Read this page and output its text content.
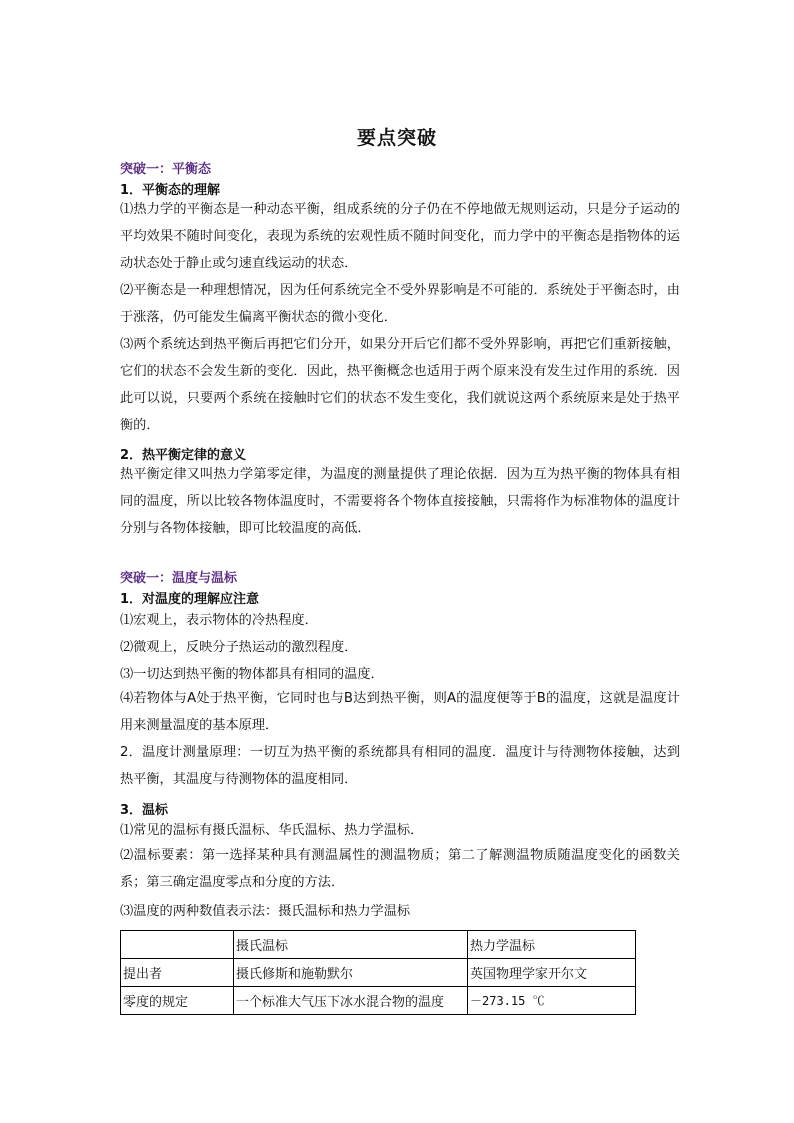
要点突破
突破一：平衡态
1．平衡态的理解
⑴热力学的平衡态是一种动态平衡，组成系统的分子仍在不停地做无规则运动，只是分子运动的平均效果不随时间变化，表现为系统的宏观性质不随时间变化，而力学中的平衡态是指物体的运动状态处于静止或匀速直线运动的状态．
⑵平衡态是一种理想情况，因为任何系统完全不受外界影响是不可能的．系统处于平衡态时，由于涨落，仍可能发生偏离平衡状态的微小变化．
⑶两个系统达到热平衡后再把它们分开，如果分开后它们都不受外界影响，再把它们重新接触，它们的状态不会发生新的变化．因此，热平衡概念也适用于两个原来没有发生过作用的系统．因此可以说，只要两个系统在接触时它们的状态不发生变化，我们就说这两个系统原来是处于热平衡的．
2．热平衡定律的意义
热平衡定律又叫热力学第零定律，为温度的测量提供了理论依据．因为互为热平衡的物体具有相同的温度，所以比较各物体温度时，不需要将各个物体直接接触，只需将作为标准物体的温度计分别与各物体接触，即可比较温度的高低．
突破一：温度与温标
1．对温度的理解应注意
⑴宏观上，表示物体的冷热程度．
⑵微观上，反映分子热运动的激烈程度．
⑶一切达到热平衡的物体都具有相同的温度．
⑷若物体与A处于热平衡，它同时也与B达到热平衡，则A的温度便等于B的温度，这就是温度计用来测量温度的基本原理．
2．温度计测量原理：一切互为热平衡的系统都具有相同的温度．温度计与待测物体接触，达到热平衡，其温度与待测物体的温度相同．
3．温标
⑴常见的温标有摄氏温标、华氏温标、热力学温标．
⑵温标要素：第一选择某种具有测温属性的测温物质；第二了解测温物质随温度变化的函数关系；第三确定温度零点和分度的方法．
⑶温度的两种数值表示法：摄氏温标和热力学温标
	摄氏温标	热力学温标
提出者	摄氏修斯和施勒默尔	英国物理学家开尔文
零度的规定	一个标准大气压下冰水混合物的温度	－273.15 ℃
